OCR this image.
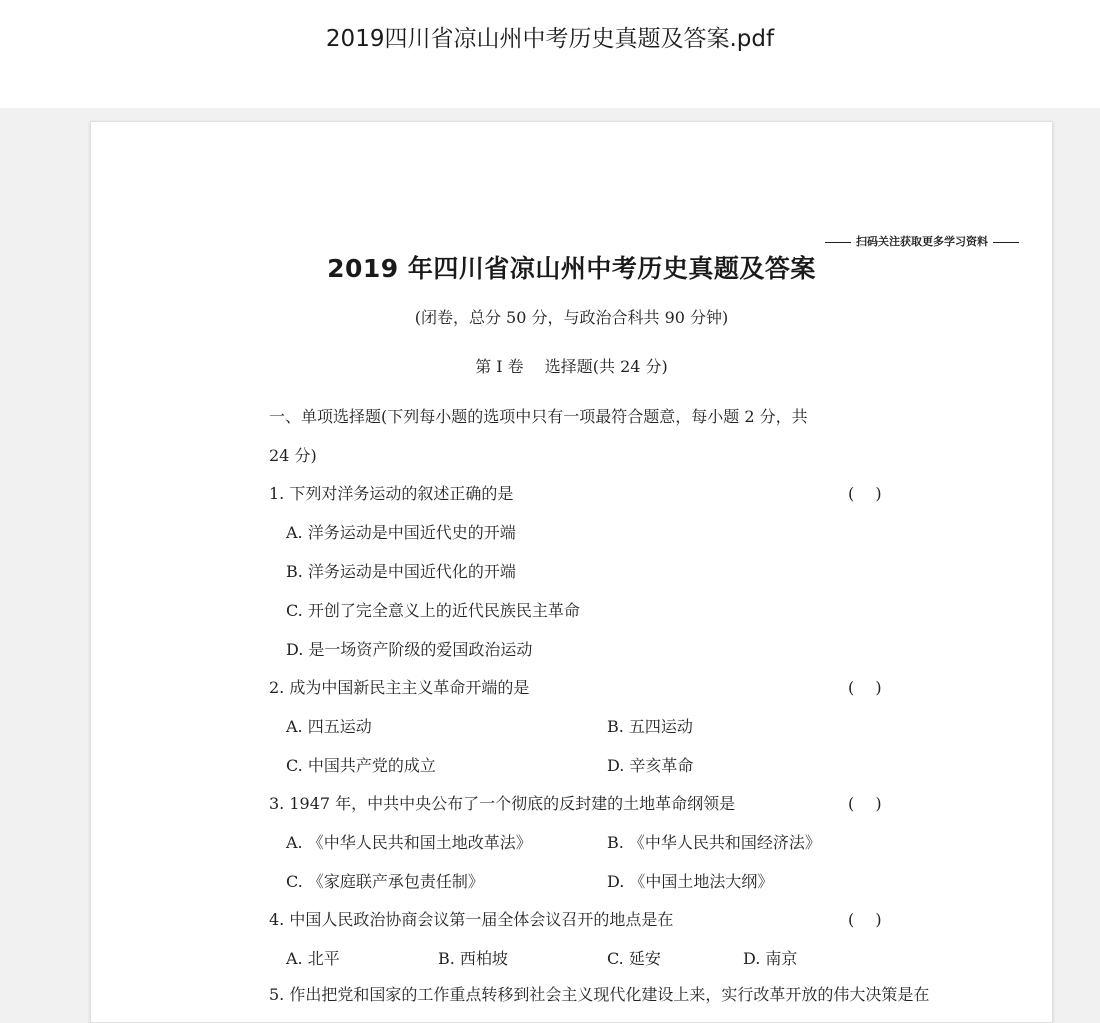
2019四川省凉山州中考历史真题及答案.pdf
扫码关注获取更多学习资料
2019 年四川省凉山州中考历史真题及答案
(闭卷，总分 50 分，与政治合科共 90 分钟)
第 I 卷　 选择题(共 24 分)
一、单项选择题(下列每小题的选项中只有一项最符合题意，每小题 2 分，共
24 分)
1. 下列对洋务运动的叙述正确的是	(　 )
A. 洋务运动是中国近代史的开端
B. 洋务运动是中国近代化的开端
C. 开创了完全意义上的近代民族民主革命
D. 是一场资产阶级的爱国政治运动
2. 成为中国新民主主义革命开端的是	(　 )
A. 四五运动	B. 五四运动
C. 中国共产党的成立	D. 辛亥革命
3. 1947 年，中共中央公布了一个彻底的反封建的土地革命纲领是	(　 )
A. 《中华人民共和国土地改革法》	B. 《中华人民共和国经济法》
C. 《家庭联产承包责任制》	D. 《中国土地法大纲》
4. 中国人民政治协商会议第一届全体会议召开的地点是在	(　 )
A. 北平	B. 西柏坡	C. 延安	D. 南京
5. 作出把党和国家的工作重点转移到社会主义现代化建设上来，实行改革开放的伟大决策是在
